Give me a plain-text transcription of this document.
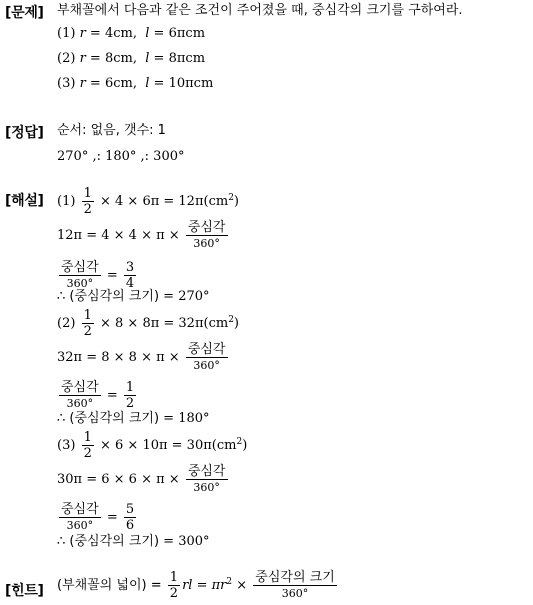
[문제] 부채꼴에서 다음과 같은 조건이 주어졌을 때, 중심각의 크기를 구하여라.
(1) r = 4cm,  l = 6πcm
(2) r = 8cm,  l = 8πcm
(3) r = 6cm,  l = 10πcm
[정답] 순서: 없음, 갯수: 1
270° ,: 180° ,: 300°
[해설] $(1) \frac{1}{2} \times 4 \times 6\pi = 12\pi(cm^2)$
$12\pi = 4 \times 4 \times \pi \times \frac{\text{중심각}}{360^\circ}$
$\frac{\text{중심각}}{360^\circ} = \frac{3}{4}$
∴ (중심각의 크기) = 270°
$(2) \frac{1}{2} \times 8 \times 8\pi = 32\pi(cm^2)$
$32\pi = 8 \times 8 \times \pi \times \frac{\text{중심각}}{360^\circ}$
$\frac{\text{중심각}}{360^\circ} = \frac{1}{2}$
∴ (중심각의 크기) = 180°
$(3) \frac{1}{2} \times 6 \times 10\pi = 30\pi(cm^2)$
$30\pi = 6 \times 6 \times \pi \times \frac{\text{중심각}}{360^\circ}$
$\frac{\text{중심각}}{360^\circ} = \frac{5}{6}$
∴ (중심각의 크기) = 300°
[힌트] (부채꼴의 넓이) = $\frac{1}{2}$ rl = $\pi r^2 \times \frac{\text{중심각의 크기}}{360^\circ}$
